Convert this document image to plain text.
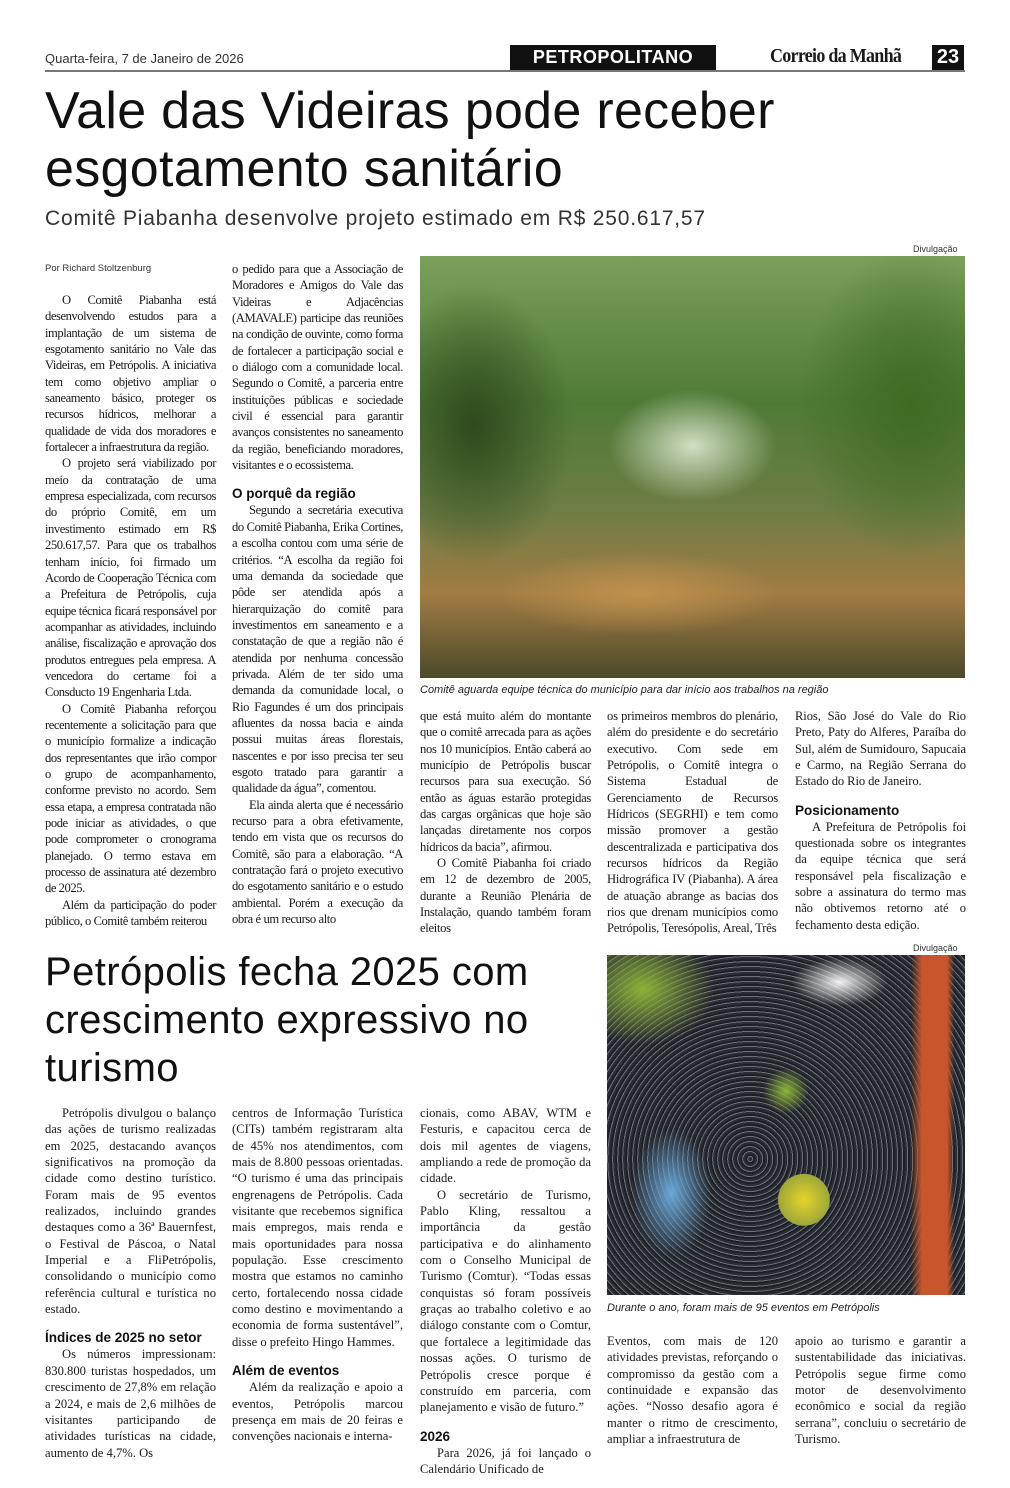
Quarta-feira, 7 de Janeiro de 2026	PETROPOLITANO	Correio da Manhã 23
Vale das Videiras pode receber esgotamento sanitário
Comitê Piabanha desenvolve projeto estimado em R$ 250.617,57
Divulgação
Comitê aguarda equipe técnica do município para dar início aos trabalhos na região

Por Richard Stoltzenburg

O Comitê Piabanha está desenvolvendo estudos para a implantação de um sistema de esgotamento sanitário no Vale das Videiras, em Petrópolis. A iniciativa tem como objetivo ampliar o saneamento básico, proteger os recursos hídricos, melhorar a qualidade de vida dos moradores e fortalecer a infraestrutura da região.

O projeto será viabilizado por meio da contratação de uma empresa especializada, com recursos do próprio Comitê, em um investimento estimado em R$ 250.617,57. Para que os trabalhos tenham início, foi firmado um Acordo de Cooperação Técnica com a Prefeitura de Petrópolis, cuja equipe técnica ficará responsável por acompanhar as atividades, incluindo análise, fiscalização e aprovação dos produtos entregues pela empresa. A vencedora do certame foi a Consducto 19 Engenharia Ltda.

O Comitê Piabanha reforçou recentemente a solicitação para que o município formalize a indicação dos representantes que irão compor o grupo de acompanhamento, conforme previsto no acordo. Sem essa etapa, a empresa contratada não pode iniciar as atividades, o que pode comprometer o cronograma planejado. O termo estava em processo de assinatura até dezembro de 2025.

Além da participação do poder público, o Comitê também reiterou

o pedido para que a Associação de Moradores e Amigos do Vale das Videiras e Adjacências (AMAVALE) participe das reuniões na condição de ouvinte, como forma de fortalecer a participação social e o diálogo com a comunidade local. Segundo o Comitê, a parceria entre instituições públicas e sociedade civil é essencial para garantir avanços consistentes no saneamento da região, beneficiando moradores, visitantes e o ecossistema.

O porquê da região

Segundo a secretária executiva do Comitê Piabanha, Erika Cortines, a escolha contou com uma série de critérios. “A escolha da região foi uma demanda da sociedade que pôde ser atendida após a hierarquização do comitê para investimentos em saneamento e a constatação de que a região não é atendida por nenhuma concessão privada. Além de ter sido uma demanda da comunidade local, o Rio Fagundes é um dos principais afluentes da nossa bacia e ainda possui muitas áreas florestais, nascentes e por isso precisa ter seu esgoto tratado para garantir a qualidade da água”, comentou.

Ela ainda alerta que é necessário recurso para a obra efetivamente, tendo em vista que os recursos do Comitê, são para a elaboração. “A contratação fará o projeto executivo do esgotamento sanitário e o estudo ambiental. Porém a execução da obra é um recurso alto

que está muito além do montante que o comitê arrecada para as ações nos 10 municípios. Então caberá ao município de Petrópolis buscar recursos para sua execução. Só então as águas estarão protegidas das cargas orgânicas que hoje são lançadas diretamente nos corpos hídricos da bacia”, afirmou.

O Comitê Piabanha foi criado em 12 de dezembro de 2005, durante a Reunião Plenária de Instalação, quando também foram eleitos

os primeiros membros do plenário, além do presidente e do secretário executivo. Com sede em Petrópolis, o Comitê integra o Sistema Estadual de Gerenciamento de Recursos Hídricos (SEGRHI) e tem como missão promover a gestão descentralizada e participativa dos recursos hídricos da Região Hidrográfica IV (Piabanha). A área de atuação abrange as bacias dos rios que drenam municípios como Petrópolis, Teresópolis, Areal, Três

Rios, São José do Vale do Rio Preto, Paty do Alferes, Paraíba do Sul, além de Sumidouro, Sapucaia e Carmo, na Região Serrana do Estado do Rio de Janeiro.

Posicionamento

A Prefeitura de Petrópolis foi questionada sobre os integrantes da equipe técnica que será responsável pela fiscalização e sobre a assinatura do termo mas não obtivemos retorno até o fechamento desta edição.

Petrópolis fecha 2025 com crescimento expressivo no turismo
Divulgação
Durante o ano, foram mais de 95 eventos em Petrópolis

Petrópolis divulgou o balanço das ações de turismo realizadas em 2025, destacando avanços significativos na promoção da cidade como destino turístico. Foram mais de 95 eventos realizados, incluindo grandes destaques como a 36ª Bauernfest, o Festival de Páscoa, o Natal Imperial e a FliPetrópolis, consolidando o município como referência cultural e turística no estado.

Índices de 2025 no setor

Os números impressionam: 830.800 turistas hospedados, um crescimento de 27,8% em relação a 2024, e mais de 2,6 milhões de visitantes participando de atividades turísticas na cidade, aumento de 4,7%. Os

centros de Informação Turística (CITs) também registraram alta de 45% nos atendimentos, com mais de 8.800 pessoas orientadas. “O turismo é uma das principais engrenagens de Petrópolis. Cada visitante que recebemos significa mais empregos, mais renda e mais oportunidades para nossa população. Esse crescimento mostra que estamos no caminho certo, fortalecendo nossa cidade como destino e movimentando a economia de forma sustentável”, disse o prefeito Hingo Hammes.

Além de eventos

Além da realização e apoio a eventos, Petrópolis marcou presença em mais de 20 feiras e convenções nacionais e interna-

cionais, como ABAV, WTM e Festuris, e capacitou cerca de dois mil agentes de viagens, ampliando a rede de promoção da cidade.

O secretário de Turismo, Pablo Kling, ressaltou a importância da gestão participativa e do alinhamento com o Conselho Municipal de Turismo (Comtur). “Todas essas conquistas só foram possíveis graças ao trabalho coletivo e ao diálogo constante com o Comtur, que fortalece a legitimidade das nossas ações. O turismo de Petrópolis cresce porque é construído em parceria, com planejamento e visão de futuro.”

2026

Para 2026, já foi lançado o Calendário Unificado de

Eventos, com mais de 120 atividades previstas, reforçando o compromisso da gestão com a continuidade e expansão das ações. “Nosso desafio agora é manter o ritmo de crescimento, ampliar a infraestrutura de

apoio ao turismo e garantir a sustentabilidade das iniciativas. Petrópolis segue firme como motor de desenvolvimento econômico e social da região serrana”, concluiu o secretário de Turismo.
